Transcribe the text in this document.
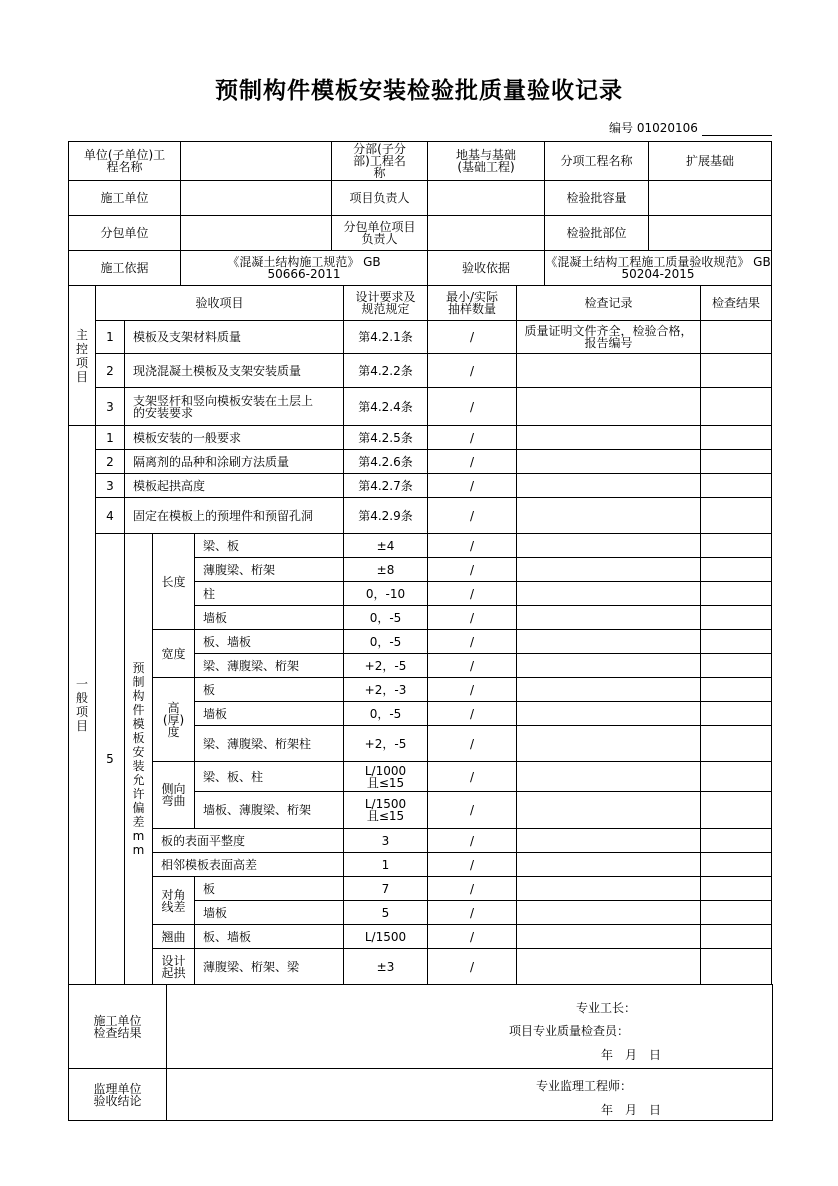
预制构件模板安装检验批质量验收记录
编号 01020106
单位(子单位)工程名称						分部(子分部)工程名称		地基与基础(基础工程)		分项工程名称	扩展基础	
施工单位						项目负责人				检验批容量		
分包单位						分包单位项目负责人				检验批部位		
施工依据				《混凝土结构施工规范》 GB 50666-2011				验收依据		《混凝土结构工程施工质量验收规范》 GB 50204-2015		
主控项目	验收项目						设计要求及规范规定	最小/实际抽样数量	检查记录			检查结果
	1	模板及支架材料质量					第4.2.1条	/	质量证明文件齐全，检验合格，报告编号			
	2	现浇混凝土模板及支架安装质量					第4.2.2条	/				
	3	支架竖杆和竖向模板安装在土层上的安装要求					第4.2.4条	/				
一般项目	1	模板安装的一般要求					第4.2.5条	/				
	2	隔离剂的品种和涂刷方法质量					第4.2.6条	/				
	3	模板起拱高度					第4.2.7条	/				
	4	固定在模板上的预埋件和预留孔洞					第4.2.9条	/				
	5	预制构件模板安装允许偏差mm	长度		梁、板		±4	/				
					薄腹梁、桁架		±8	/				
					柱		0，-10	/				
					墙板		0，-5	/				
			宽度		板、墙板		0，-5	/				
					梁、薄腹梁、桁架		+2，-5	/				
			高(厚)度		板		+2，-3	/				
					墙板		0，-5	/				
					梁、薄腹梁、桁架柱		+2，-5	/				
			侧向弯曲		梁、板、柱		L/1000且≤15	/				
					墙板、薄腹梁、桁架		L/1500且≤15	/				
			板的表面平整度				3	/				
			相邻模板表面高差				1	/				
			对角线差		板		7	/				
					墙板		5	/				
			翘曲		板、墙板		L/1500	/				
			设计起拱		薄腹梁、桁架、梁		±3	/				
施工单位检查结果	
监理单位验收结论	
专业工长：
项目专业质量检查员：
年　月　日
专业监理工程师：
年　月　日
